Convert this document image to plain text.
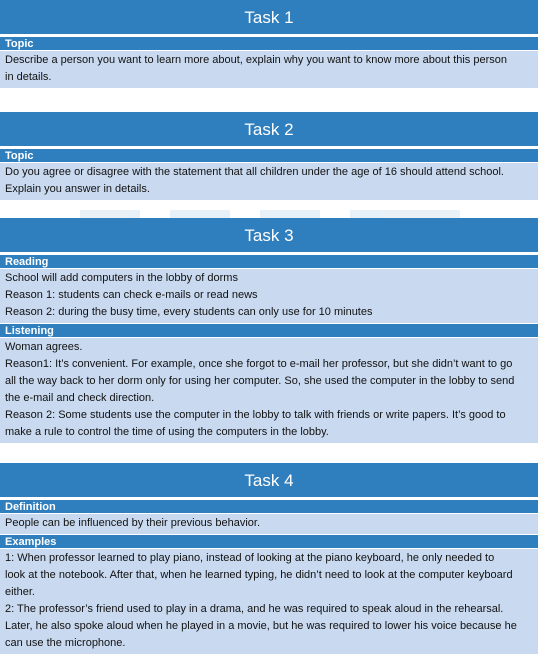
Task 1
Topic
Describe a person you want to learn more about, explain why you want to know more about this person
in details.
Task 2
Topic
Do you agree or disagree with the statement that all children under the age of 16 should attend school.
Explain you answer in details.
Task 3
Reading
School will add computers in the lobby of dorms
Reason 1: students can check e-mails or read news
Reason 2: during the busy time, every students can only use for 10 minutes
Listening
Woman agrees.
Reason1: It’s convenient. For example, once she forgot to e-mail her professor, but she didn’t want to go
all the way back to her dorm only for using her computer. So, she used the computer in the lobby to send
the e-mail and check direction.
Reason 2: Some students use the computer in the lobby to talk with friends or write papers. It’s good to
make a rule to control the time of using the computers in the lobby.
Task 4
Definition
People can be influenced by their previous behavior.
Examples
1: When professor learned to play piano, instead of looking at the piano keyboard, he only needed to
look at the notebook. After that, when he learned typing, he didn’t need to look at the computer keyboard
either.
2: The professor’s friend used to play in a drama, and he was required to speak aloud in the rehearsal.
Later, he also spoke aloud when he played in a movie, but he was required to lower his voice because he
can use the microphone.
